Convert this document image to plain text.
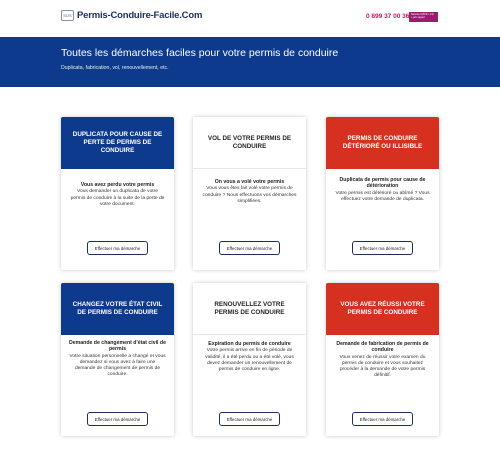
SOS Permis-Conduire-Facile.Com	0 899 37 00 36 Service 0,80 € / min + prix appel
Toutes les démarches faciles pour votre permis de conduire
Duplicata, fabrication, vol, renouvellement, etc.
DUPLICATA POUR CAUSE DE PERTE DE PERMIS DE CONDUIRE
Vous avez perdu votre permis
Vous demander un duplicata de votre permis de conduire à la suite de la perte de votre document.
Effectuer ma démarche
VOL DE VOTRE PERMIS DE CONDUIRE
On vous a volé votre permis
Vous vous êtes fait volé votre permis de conduire ? Nous effectuons vos démarches simplifiées.
Effectuer ma démarche
PERMIS DE CONDUIRE DÉTÉRIORÉ OU ILLISIBLE
Duplicata de permis pour cause de détérioration
Votre permis est détérioré ou abîmé ? Vous effectuez votre demande de duplicata.
Effectuer ma démarche
CHANGEZ VOTRE ÉTAT CIVIL DE PERMIS DE CONDUIRE
Demande de changement d'état civil de permis
Votre situation personnelle a changé et vous demandez si vous avez à faire une demande de changement de permis de conduire.
Effectuer ma démarche
RENOUVELLEZ VOTRE PERMIS DE CONDUIRE
Expiration du permis de conduire
Votre permis arrive en fin de période de validité, il a été perdu ou a été volé, vous devez demander un renouvellement de permis de conduire en ligne.
Effectuer ma démarche
VOUS AVEZ RÉUSSI VOTRE PERMIS DE CONDUIRE
Demande de fabrication de permis de conduire
Vous venez de réussir votre examen du permis de conduire et vous souhaitez procéder à la demande de votre permis définitif.
Effectuer ma démarche
